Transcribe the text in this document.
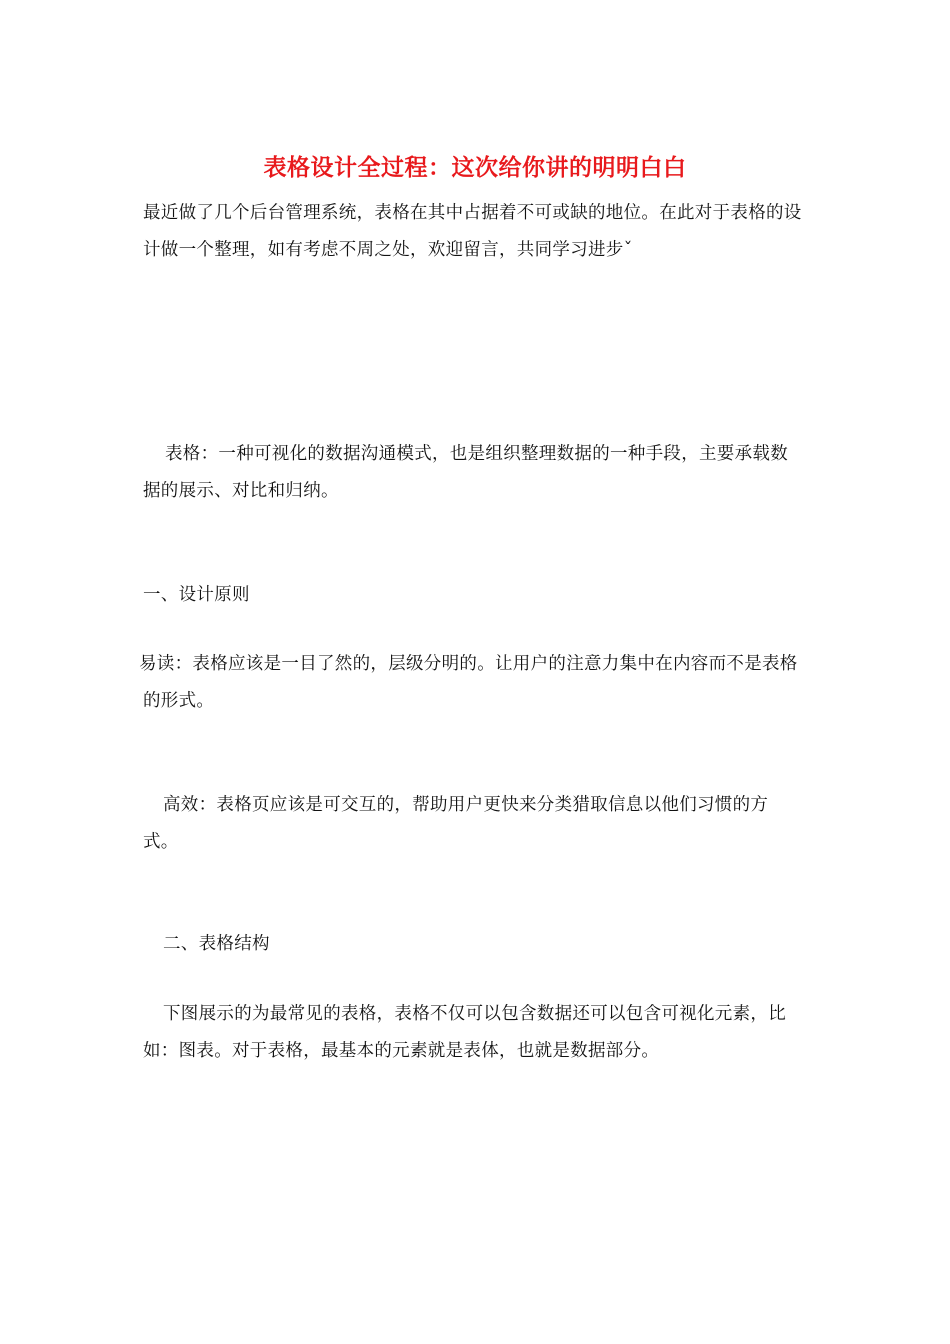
表格设计全过程：这次给你讲的明明白白

最近做了几个后台管理系统，表格在其中占据着不可或缺的地位。在此对于表格的设计做一个整理，如有考虑不周之处，欢迎留言，共同学习进步ˇ

表格：一种可视化的数据沟通模式，也是组织整理数据的一种手段，主要承载数据的展示、对比和归纳。

一、设计原则

易读：表格应该是一目了然的，层级分明的。让用户的注意力集中在内容而不是表格的形式。

高效：表格页应该是可交互的，帮助用户更快来分类猎取信息以他们习惯的方式。

二、表格结构

下图展示的为最常见的表格，表格不仅可以包含数据还可以包含可视化元素，比如：图表。对于表格，最基本的元素就是表体，也就是数据部分。
